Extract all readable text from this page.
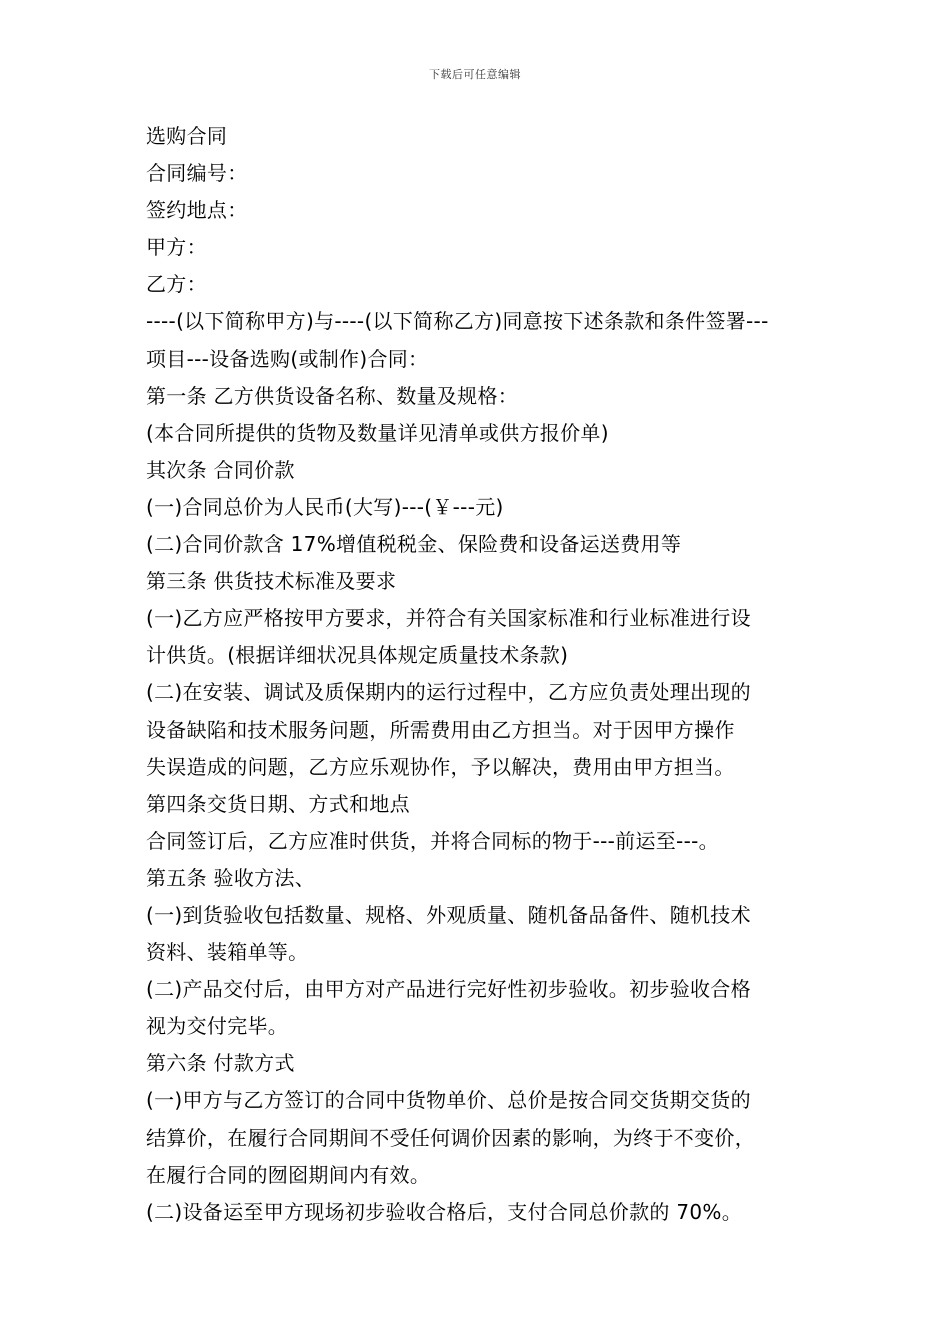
下载后可任意编辑
选购合同
合同编号：
签约地点：
甲方：
乙方：
----(以下简称甲方)与----(以下简称乙方)同意按下述条款和条件签署---
项目---设备选购(或制作)合同：
第一条 乙方供货设备名称、数量及规格：
(本合同所提供的货物及数量详见清单或供方报价单)
其次条 合同价款
(一)合同总价为人民币(大写)---(￥---元)
(二)合同价款含 17%增值税税金、保险费和设备运送费用等
第三条 供货技术标准及要求
(一)乙方应严格按甲方要求，并符合有关国家标准和行业标准进行设
计供货。(根据详细状况具体规定质量技术条款)
(二)在安装、调试及质保期内的运行过程中，乙方应负责处理出现的
设备缺陷和技术服务问题，所需费用由乙方担当。对于因甲方操作
失误造成的问题，乙方应乐观协作，予以解决，费用由甲方担当。
第四条交货日期、方式和地点
合同签订后，乙方应准时供货，并将合同标的物于---前运至---。
第五条 验收方法、
(一)到货验收包括数量、规格、外观质量、随机备品备件、随机技术
资料、装箱单等。
(二)产品交付后，由甲方对产品进行完好性初步验收。初步验收合格
视为交付完毕。
第六条 付款方式
(一)甲方与乙方签订的合同中货物单价、总价是按合同交货期交货的
结算价，在履行合同期间不受任何调价因素的影响，为终于不变价，
在履行合同的囫囵期间内有效。
(二)设备运至甲方现场初步验收合格后，支付合同总价款的 70%。
